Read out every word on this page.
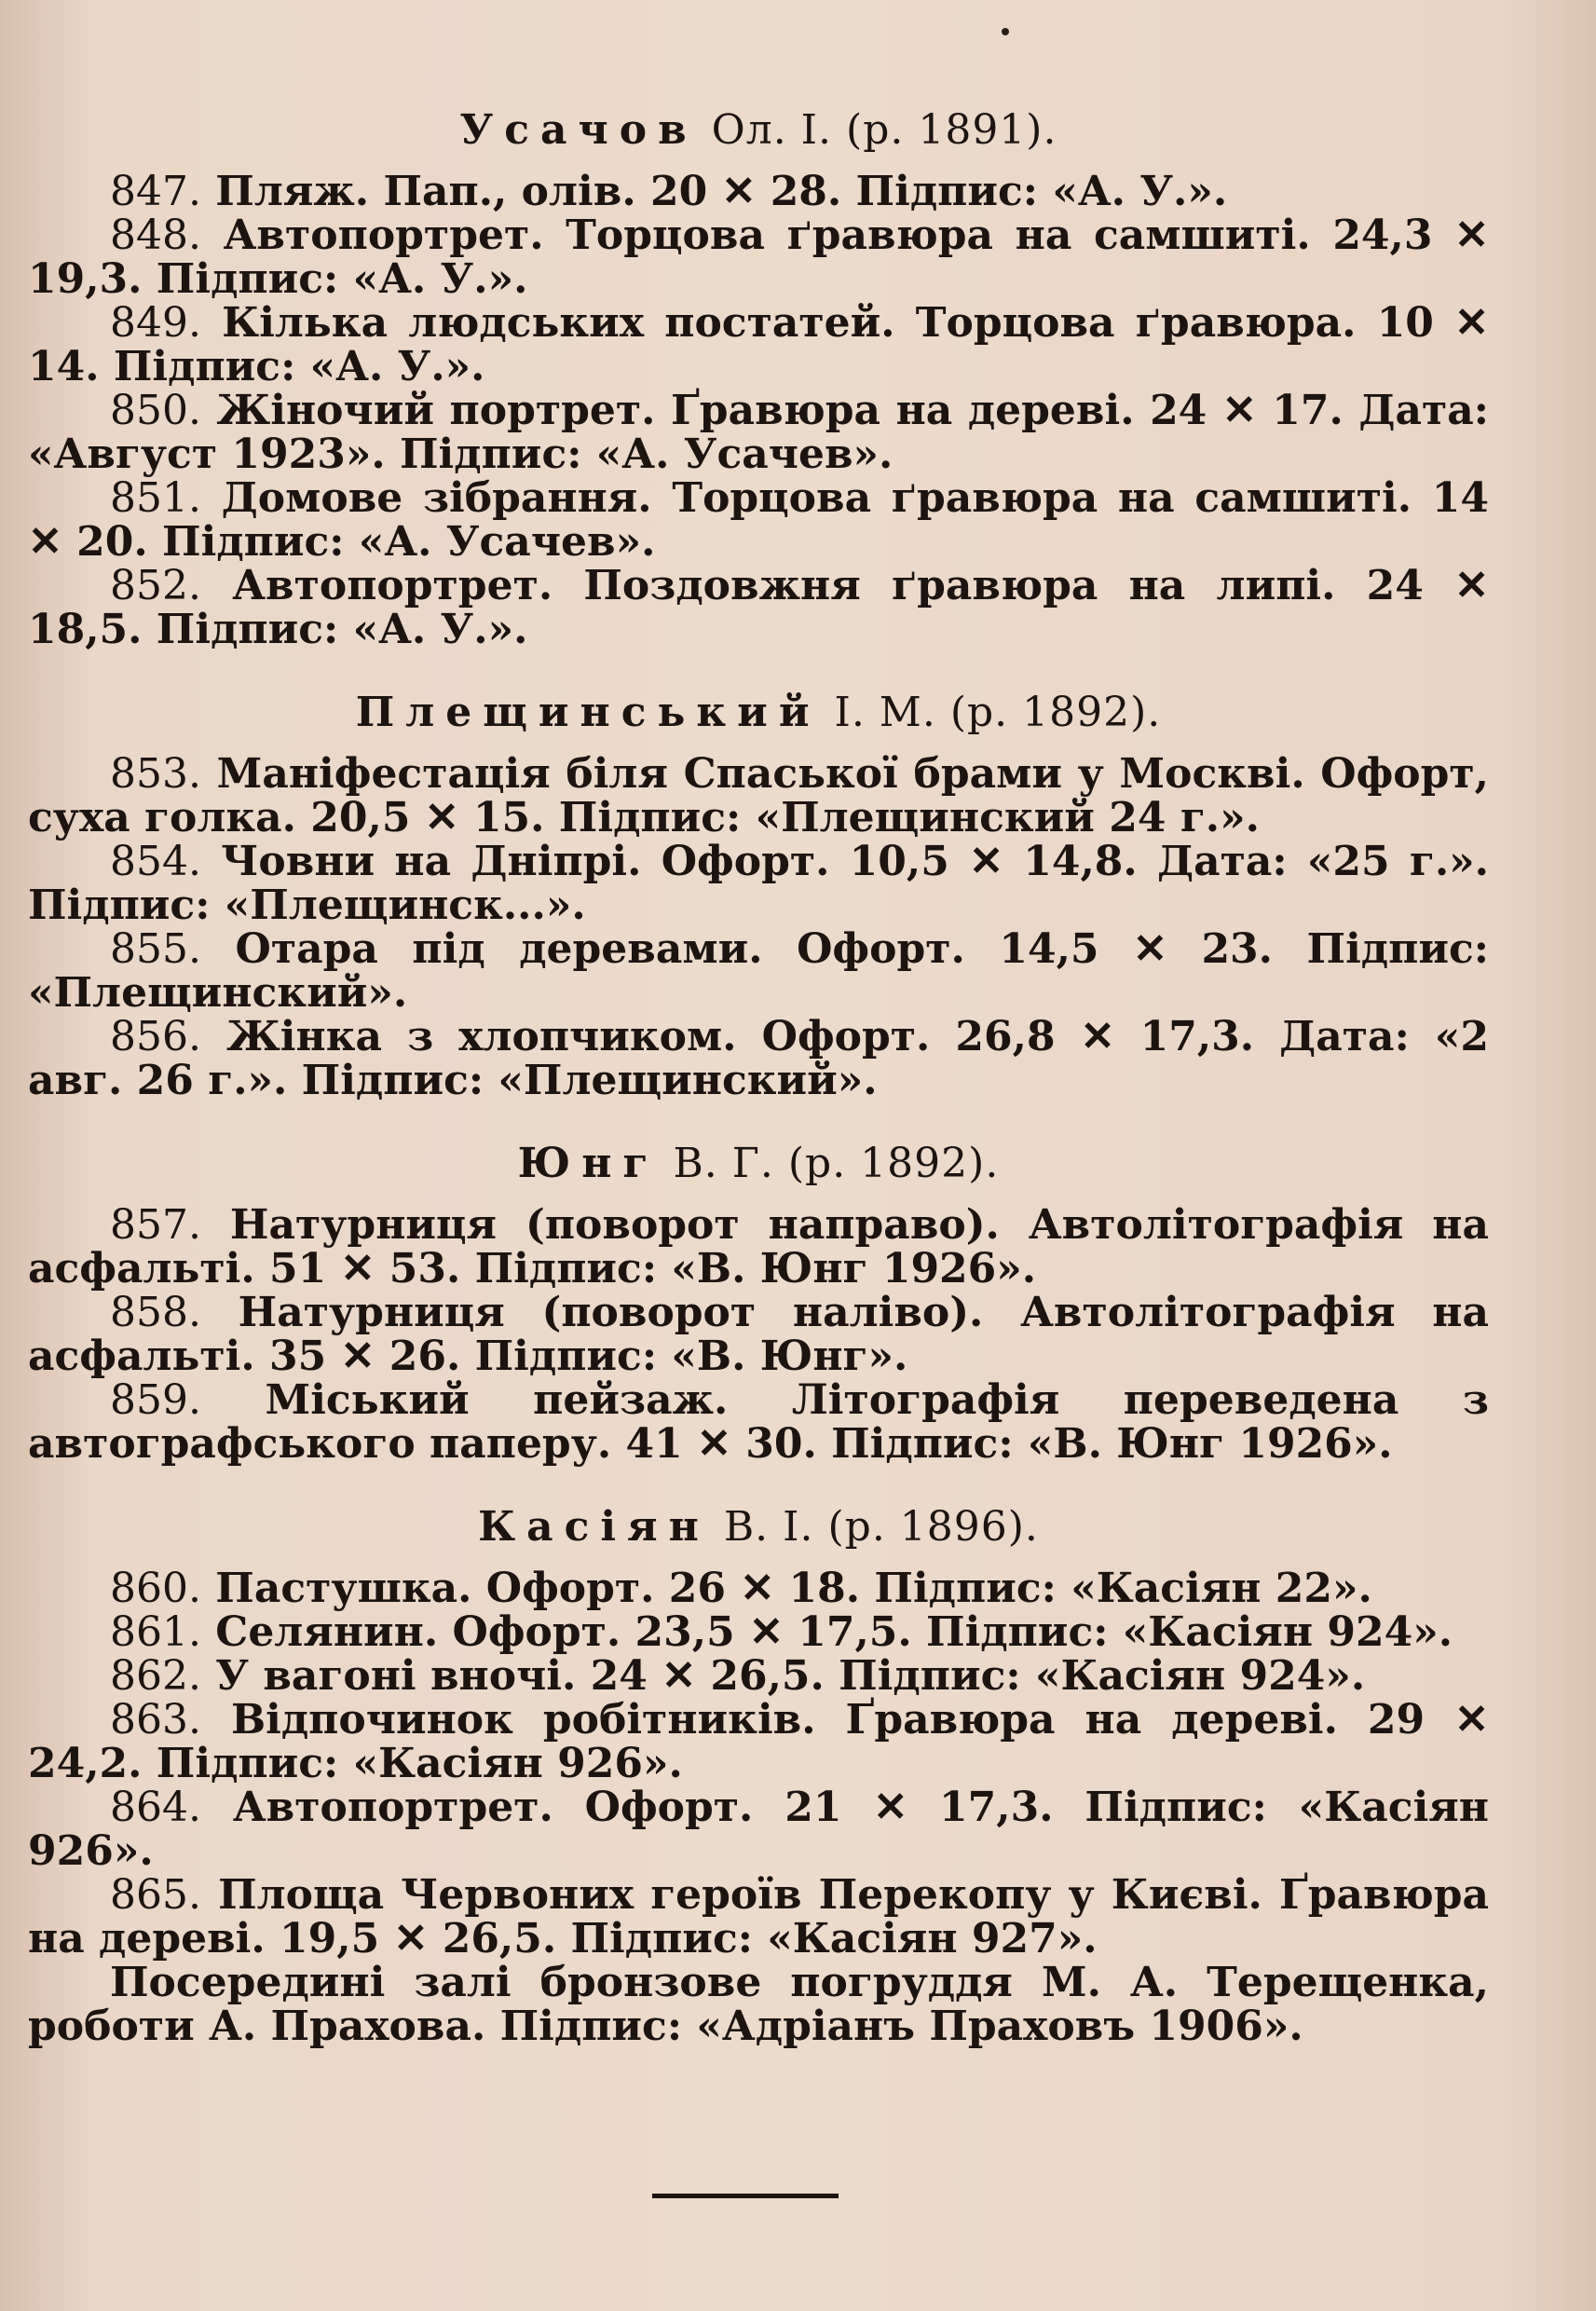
Усачов Ол. І. (р. 1891).

847. Пляж. Пап., олів. 20 ✕ 28. Підпис: «А. У.».

848. Автопортрет. Торцова ґравюра на самшиті. 24,3 ✕ 19,3. Підпис: «А. У.».

849. Кілька людських постатей. Торцова ґравюра. 10 ✕ 14. Підпис: «А. У.».

850. Жіночий портрет. Ґравюра на дереві. 24 ✕ 17. Дата: «Август 1923». Підпис: «А. Усачев».

851. Домове зібрання. Торцова ґравюра на самшиті. 14 ✕ 20. Підпис: «А. Усачев».

852. Автопортрет. Поздовжня ґравюра на липі. 24 ✕ 18,5. Підпис: «А. У.».

Плещинський І. М. (р. 1892).

853. Маніфестація біля Спаської брами у Москві. Офорт, суха голка. 20,5 ✕ 15. Підпис: «Плещинский 24 г.».

854. Човни на Дніпрі. Офорт. 10,5 ✕ 14,8. Дата: «25 г.». Підпис: «Плещинск...».

855. Отара під деревами. Офорт. 14,5 ✕ 23. Підпис: «Плещинский».

856. Жінка з хлопчиком. Офорт. 26,8 ✕ 17,3. Дата: «2 авг. 26 г.». Підпис: «Плещинский».

Юнг В. Г. (р. 1892).

857. Натурниця (поворот направо). Автолітографія на асфальті. 51 ✕ 53. Підпис: «В. Юнг 1926».

858. Натурниця (поворот наліво). Автолітографія на асфальті. 35 ✕ 26. Підпис: «В. Юнг».

859. Міський пейзаж. Літографія переведена з автографського паперу. 41 ✕ 30. Підпис: «В. Юнг 1926».

Касіян В. І. (р. 1896).

860. Пастушка. Офорт. 26 ✕ 18. Підпис: «Касіян 22».

861. Селянин. Офорт. 23,5 ✕ 17,5. Підпис: «Касіян 924».

862. У вагоні вночі. 24 ✕ 26,5. Підпис: «Касіян 924».

863. Відпочинок робітників. Ґравюра на дереві. 29 ✕ 24,2. Підпис: «Касіян 926».

864. Автопортрет. Офорт. 21 ✕ 17,3. Підпис: «Касіян 926».

865. Площа Червоних героїв Перекопу у Києві. Ґравюра на дереві. 19,5 ✕ 26,5. Підпис: «Касіян 927».

Посередині залі бронзове погруддя М. А. Терещенка, роботи А. Прахова. Підпис: «Адріанъ Праховъ 1906».
